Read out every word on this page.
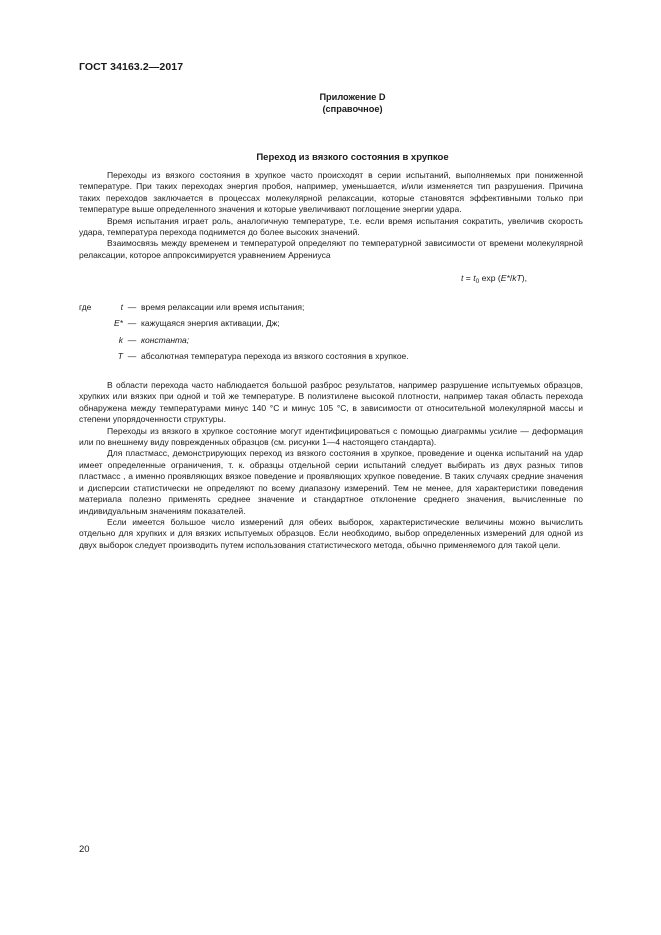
ГОСТ 34163.2—2017
Приложение D
(справочное)
Переход из вязкого состояния в хрупкое

Переходы из вязкого состояния в хрупкое часто происходят в серии испытаний, выполняемых при пониженной температуре. При таких переходах энергия пробоя, например, уменьшается, и/или изменяется тип разрушения. Причина таких переходов заключается в процессах молекулярной релаксации, которые становятся эффективными только при температуре выше определенного значения и которые увеличивают поглощение энергии удара.

Время испытания играет роль, аналогичную температуре, т.е. если время испытания сократить, увеличив скорость удара, температура перехода поднимется до более высоких значений.

Взаимосвязь между временем и температурой определяют по температурной зависимости от времени молекулярной релаксации, которое аппроксимируется уравнением Аррениуса

$t = t_0$ exp (E*/kT),
где	t — время релаксации или время испытания;
E* — кажущаяся энергия активации, Дж;
k — константа;
T — абсолютная температура перехода из вязкого состояния в хрупкое.

В области перехода часто наблюдается большой разброс результатов, например разрушение испытуемых образцов, хрупких или вязких при одной и той же температуре. В полиэтилене высокой плотности, например такая область перехода обнаружена между температурами минус 140 °C и минус 105 °C, в зависимости от относительной молекулярной массы и степени упорядоченности структуры.

Переходы из вязкого в хрупкое состояние могут идентифицироваться с помощью диаграммы усилие — деформация или по внешнему виду поврежденных образцов (см. рисунки 1—4 настоящего стандарта).

Для пластмасс, демонстрирующих переход из вязкого состояния в хрупкое, проведение и оценка испытаний на удар имеет определенные ограничения, т. к. образцы отдельной серии испытаний следует выбирать из двух разных типов пластмасс , а именно проявляющих вязкое поведение и проявляющих хрупкое поведение. В таких случаях средние значения и дисперсии статистически не определяют по всему диапазону измерений. Тем не менее, для характеристики поведения материала полезно применять среднее значение и стандартное отклонение среднего значения, вычисленные по индивидуальным значениям показателей.

Если имеется большое число измерений для обеих выборок, характеристические величины можно вычислить отдельно для хрупких и для вязких испытуемых образцов. Если необходимо, выбор определенных измерений для одной из двух выборок следует производить путем использования статистического метода, обычно применяемого для такой цели.

20
